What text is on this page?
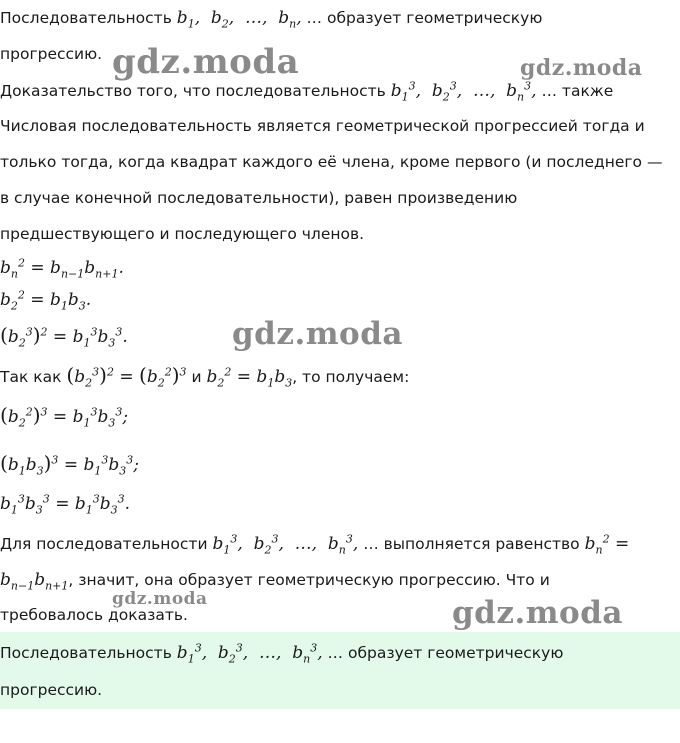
Последовательность $b_1$,  $b_2$,  …,  $b_n$, … образует геометрическую
прогрессию.
Доказательство того, что последовательность $b_1^3$,  $b_2^3$,  …,  $b_n^3$, … также
Числовая последовательность является геометрической прогрессией тогда и
только тогда, когда квадрат каждого её члена, кроме первого (и последнего —
в случае конечной последовательности), равен произведению
предшествующего и последующего членов.
$b_n^2 = b_{n-1}b_{n+1}$.
$b_2^2 = b_1b_3$.
$(b_2^3)^2 = b_1^3b_3^3$.
Так как $(b_2^3)^2 = (b_2^2)^3$ и $b_2^2 = b_1b_3$, то получаем:
$(b_2^2)^3 = b_1^3b_3^3$;
$(b_1b_3)^3 = b_1^3b_3^3$;
$b_1^3b_3^3 = b_1^3b_3^3$.
Для последовательности $b_1^3$,  $b_2^3$,  …,  $b_n^3$, … выполняется равенство $b_n^2$ =
$b_{n-1}b_{n+1}$, значит, она образует геометрическую прогрессию. Что и
требовалось доказать.
Последовательность $b_1^3$,  $b_2^3$,  …,  $b_n^3$, … образует геометрическую
прогрессию.
gdz.moda	gdz.moda
gdz.moda
gdz.moda	gdz.moda
